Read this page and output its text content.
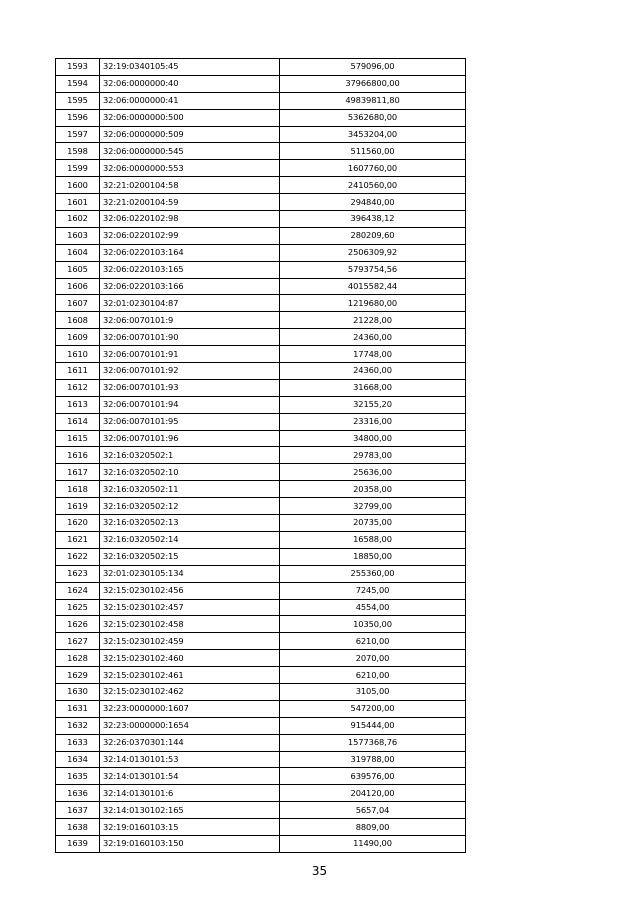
1593	32:19:0340105:45	579096,00
1594	32:06:0000000:40	37966800,00
1595	32:06:0000000:41	49839811,80
1596	32:06:0000000:500	5362680,00
1597	32:06:0000000:509	3453204,00
1598	32:06:0000000:545	511560,00
1599	32:06:0000000:553	1607760,00
1600	32:21:0200104:58	2410560,00
1601	32:21:0200104:59	294840,00
1602	32:06:0220102:98	396438,12
1603	32:06:0220102:99	280209,60
1604	32:06:0220103:164	2506309,92
1605	32:06:0220103:165	5793754,56
1606	32:06:0220103:166	4015582,44
1607	32:01:0230104:87	1219680,00
1608	32:06:0070101:9	21228,00
1609	32:06:0070101:90	24360,00
1610	32:06:0070101:91	17748,00
1611	32:06:0070101:92	24360,00
1612	32:06:0070101:93	31668,00
1613	32:06:0070101:94	32155,20
1614	32:06:0070101:95	23316,00
1615	32:06:0070101:96	34800,00
1616	32:16:0320502:1	29783,00
1617	32:16:0320502:10	25636,00
1618	32:16:0320502:11	20358,00
1619	32:16:0320502:12	32799,00
1620	32:16:0320502:13	20735,00
1621	32:16:0320502:14	16588,00
1622	32:16:0320502:15	18850,00
1623	32:01:0230105:134	255360,00
1624	32:15:0230102:456	7245,00
1625	32:15:0230102:457	4554,00
1626	32:15:0230102:458	10350,00
1627	32:15:0230102:459	6210,00
1628	32:15:0230102:460	2070,00
1629	32:15:0230102:461	6210,00
1630	32:15:0230102:462	3105,00
1631	32:23:0000000:1607	547200,00
1632	32:23:0000000:1654	915444,00
1633	32:26:0370301:144	1577368,76
1634	32:14:0130101:53	319788,00
1635	32:14:0130101:54	639576,00
1636	32:14:0130101:6	204120,00
1637	32:14:0130102:165	5657,04
1638	32:19:0160103:15	8809,00
1639	32:19:0160103:150	11490,00
35
